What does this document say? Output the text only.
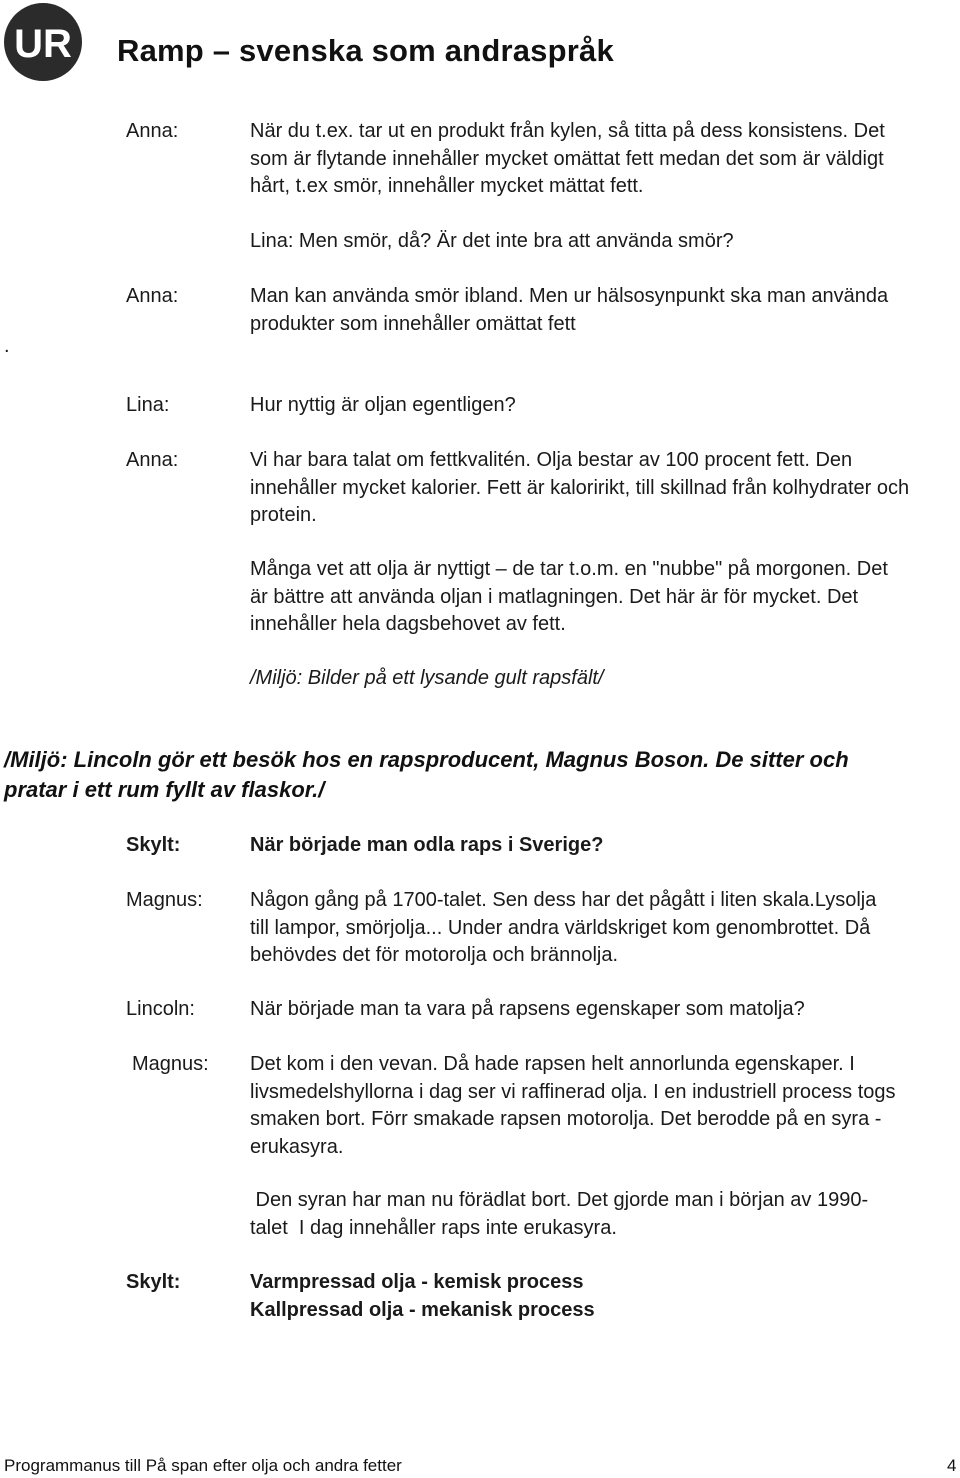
UR Ramp – svenska som andraspråk
Anna:	När du t.ex. tar ut en produkt från kylen, så titta på dess konsistens. Det
som är flytande innehåller mycket omättat fett medan det som är väldigt
hårt, t.ex smör, innehåller mycket mättat fett.
Lina: Men smör, då? Är det inte bra att använda smör?
.
Anna:	Man kan använda smör ibland. Men ur hälsosynpunkt ska man använda
produkter som innehåller omättat fett
Lina:	Hur nyttig är oljan egentligen?
Anna:	Vi har bara talat om fettkvalitén. Olja bestar av 100 procent fett. Den
innehåller mycket kalorier. Fett är kaloririkt, till skillnad från kolhydrater och
protein.
Många vet att olja är nyttigt – de tar t.o.m. en "nubbe" på morgonen. Det
är bättre att använda oljan i matlagningen. Det här är för mycket. Det
innehåller hela dagsbehovet av fett.
/Miljö: Bilder på ett lysande gult rapsfält/
/Miljö: Lincoln gör ett besök hos en rapsproducent, Magnus Boson. De sitter och
pratar i ett rum fyllt av flaskor./
Skylt:	När började man odla raps i Sverige?
Magnus: Någon gång på 1700-talet. Sen dess har det pågått i liten skala.Lysolja
till lampor, smörjolja... Under andra världskriget kom genombrottet. Då
behövdes det för motorolja och brännolja.
Lincoln:	När började man ta vara på rapsens egenskaper som matolja?
Magnus: Det kom i den vevan. Då hade rapsen helt annorlunda egenskaper. I
livsmedelshyllorna i dag ser vi raffinerad olja. I en industriell process togs
smaken bort. Förr smakade rapsen motorolja. Det berodde på en syra -
erukasyra.
Den syran har man nu förädlat bort. Det gjorde man i början av 1990-
talet  I dag innehåller raps inte erukasyra.
Skylt:	Varmpressad olja - kemisk process
Kallpressad olja - mekanisk process
Programmanus till På span efter olja och andra fetter	4
